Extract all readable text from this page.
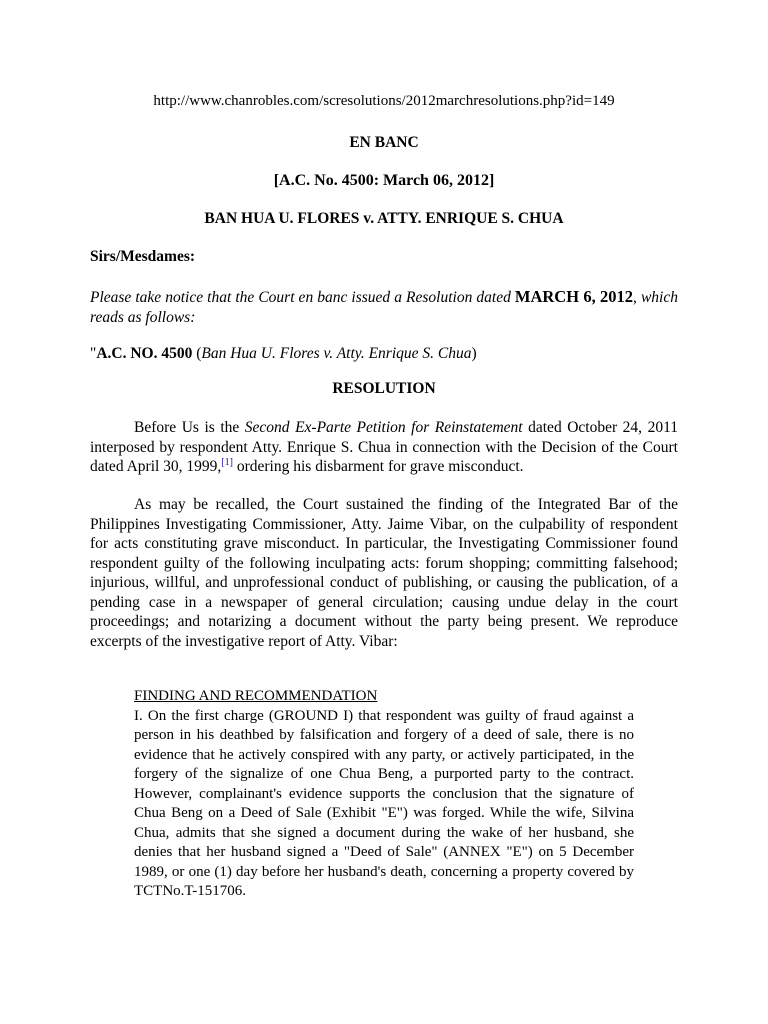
http://www.chanrobles.com/scresolutions/2012marchresolutions.php?id=149
EN BANC
[A.C. No. 4500: March 06, 2012]
BAN HUA U. FLORES v. ATTY. ENRIQUE S. CHUA
Sirs/Mesdames:
Please take notice that the Court en banc issued a Resolution dated MARCH 6, 2012, which reads as follows:
"A.C. NO. 4500 (Ban Hua U. Flores v. Atty. Enrique S. Chua)
RESOLUTION
Before Us is the Second Ex-Parte Petition for Reinstatement dated October 24, 2011 interposed by respondent Atty. Enrique S. Chua in connection with the Decision of the Court dated April 30, 1999,[1] ordering his disbarment for grave misconduct.
As may be recalled, the Court sustained the finding of the Integrated Bar of the Philippines Investigating Commissioner, Atty. Jaime Vibar, on the culpability of respondent for acts constituting grave misconduct. In particular, the Investigating Commissioner found respondent guilty of the following inculpating acts: forum shopping; committing falsehood; injurious, willful, and unprofessional conduct of publishing, or causing the publication, of a pending case in a newspaper of general circulation; causing undue delay in the court proceedings; and notarizing a document without the party being present. We reproduce excerpts of the investigative report of Atty. Vibar:
FINDING AND RECOMMENDATION
I. On the first charge (GROUND I) that respondent was guilty of fraud against a person in his deathbed by falsification and forgery of a deed of sale, there is no evidence that he actively conspired with any party, or actively participated, in the forgery of the signalize of one Chua Beng, a purported party to the contract. However, complainant's evidence supports the conclusion that the signature of Chua Beng on a Deed of Sale (Exhibit "E") was forged. While the wife, Silvina Chua, admits that she signed a document during the wake of her husband, she denies that her husband signed a "Deed of Sale" (ANNEX "E") on 5 December 1989, or one (1) day before her husband's death, concerning a property covered by TCTNo.T-151706.
